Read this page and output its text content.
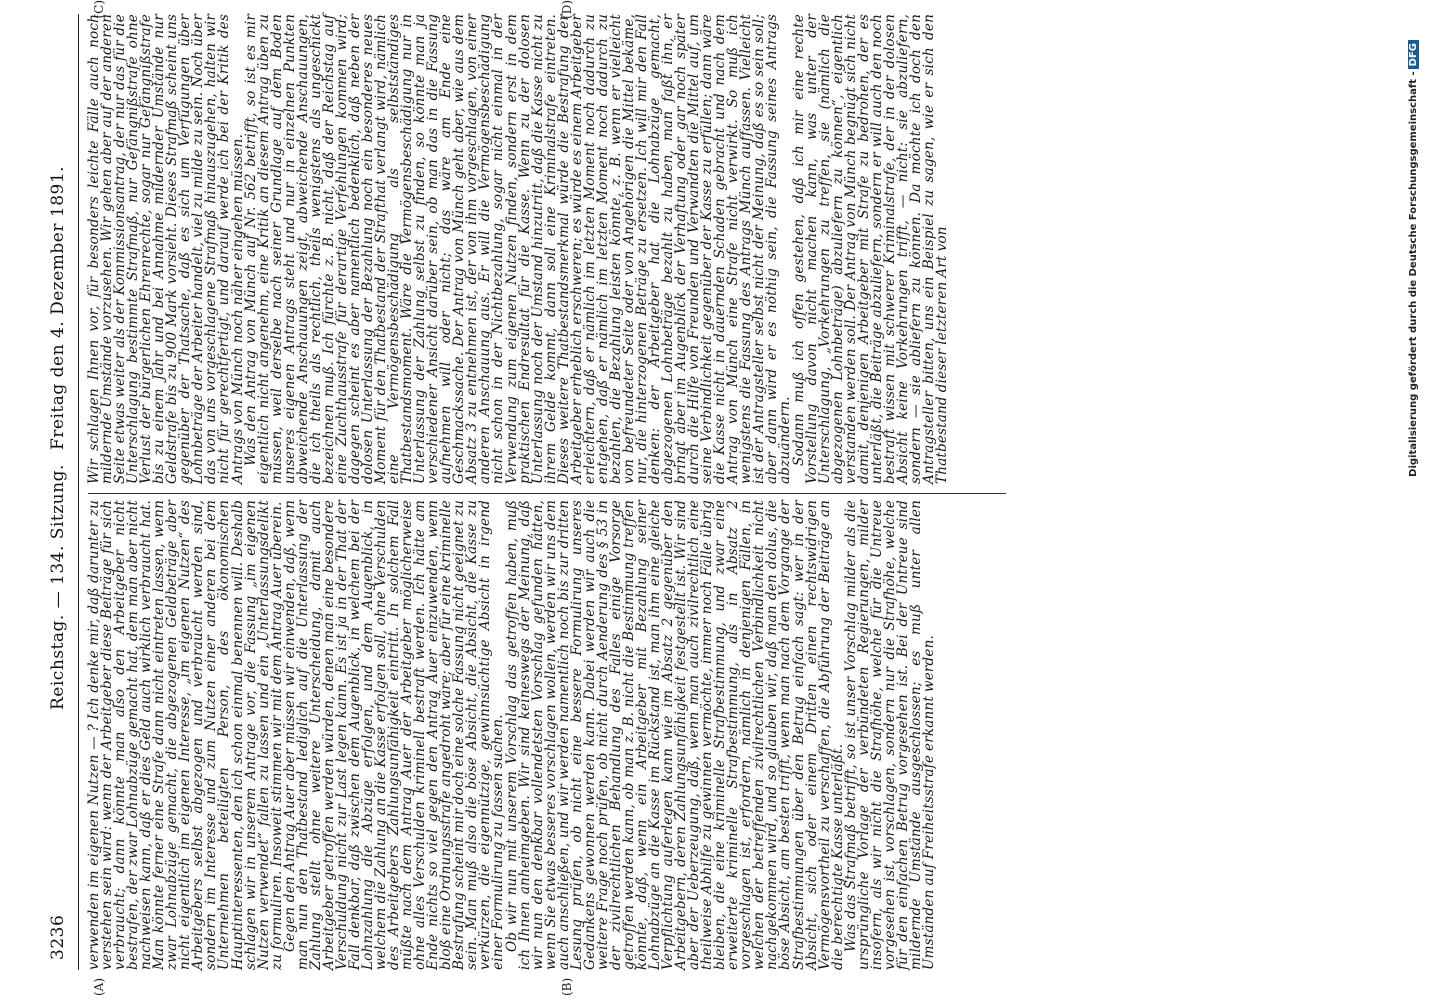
3236
Reichstag. — 134. Sitzung.
Freitag den 4. Dezember 1891.
(A)	(B)
(C)	(D)

verwenden im eigenen Nutzen — ? Ich denke mir, daß darunter zu verstehen sein wird: wenn der Arbeitgeber diese Beiträge für sich verbraucht; dann könnte man also den Arbeitgeber nicht bestrafen, der zwar Lohnabzüge gemacht hat, dem man aber nicht nachweisen kann, daß er dies Geld auch wirklich verbraucht hat. Man könnte ferner eine Strafe dann nicht eintreten lassen, wenn zwar Lohnabzüge gemacht, die abgezogenen Geldbeträge aber nicht eigentlich im eigenen Interesse, „im eigenen Nutzen“ des Arbeitgebers selbst abgezogen und verbraucht werden sind, sondern im Interesse und zum Nutzen einer anderen bei dem Unternehmen beteiligten Person, des ökonomischen Hauptinteressenten, den ich schon einmal benennen will. Deshalb schlagen wir in unserem Antrage vor, die Fassung „im eigenen Nutzen verwendet“ fallen zu lassen und ein „Unterlassungsdelikt zu formuliren. Insoweit stimmen wir mit dem Antrag Auer überein.

Gegen den Antrag Auer aber müssen wir einwenden, daß, wenn man nun den Thatbestand lediglich auf die Unterlassung der Zahlung stellt ohne weitere Unterscheidung, damit auch Arbeitgeber getroffen werden würden, denen man eine besondere Verschuldung nicht zur Last legen kann. Es ist ja in der That der Fall denkbar, daß zwischen dem Augenblick, in welchem bei der Lohnzahlung die Abzüge erfolgen, und dem Augenblick, in welchem die Zahlung an die Kasse erfolgen soll, ohne Verschulden des Arbeitgebers Zahlungsunfähigkeit eintritt. In solchem Fall müßte nach dem Antrag Auer der Arbeitgeber möglicherweise ohne alles Verschulden kriminell bestraft werden. Ich hätte am Ende nichts so viel gegen den Antrag Auer einzuwenden, wenn bloß eine Ordnungsstrafe angedroht wäre; aber für eine kriminelle Bestrafung scheint mir doch eine solche Fassung nicht geeignet zu sein. Man muß also die böse Absicht, die Absicht, die Kasse zu verkürzen, die eigennützige, gewinnsüchtige Absicht in irgend einer Formulirung zu fassen suchen.

Ob wir nun mit unserem Vorschlag das getroffen haben, muß ich Ihnen anheimgeben. Wir sind keineswegs der Meinung, daß wir nun den denkbar vollendetsten Vorschlag gefunden hätten, wenn Sie etwas besseres vorschlagen wollen, werden wir uns dem auch anschließen, und wir werden namentlich noch bis zur dritten Lesung prüfen, ob nicht eine bessere Formulirung unseres Gedankens gewonnen werden kann. Dabei werden wir auch die weitere Frage noch prüfen, ob nicht durch Aenderung des § 53 in der zivilrechtlichen Behandlung des Falles einige Vorsorge getroffen werden kann, ob man z. B. nicht die Bestimmung treffen könnte, daß, wenn ein Arbeitgeber mit Bezahlung seiner Lohnabzüge an die Kasse im Rückstand ist, man ihm eine gleiche Verpflichtung auferlegen kann wie im Absatz 2 gegenüber den Arbeitgebern, deren Zahlungsunfähigkeit festgestellt ist. Wir sind aber der Ueberzeugung, daß, wenn man auch zivilrechtlich eine theilweise Abhilfe zu gewinnen vermöchte, immer noch Fälle übrig bleiben, die eine kriminelle Strafbestimmung, und zwar eine erweiterte kriminelle Strafbestimmung, als in Absatz 2 vorgeschlagen ist, erfordern, nämlich in denjenigen Fällen, in welchen der betreffenden zivilrechtlichen Verbindlichkeit nicht nachgekommen wird, und so glauben wir, daß man den dolus, die böse Absicht, am besten trifft, wenn man nach dem Vorgange der Strafbestimmungen über den Betrug einfach sagt: wer in der Absicht, sich oder einem Dritten einen rechtswidrigen Vermögensvortheil zu verschaffen, die Abführung der Beiträge an die berechtigte Kasse unterläßt.

Was das Strafmaß betrifft, so ist unser Vorschlag milder als die ursprüngliche Vorlage der verbündeten Regierungen, milder insofern, als wir nicht die Strafhöhe, welche für die Untreue vorgesehen ist, vorschlagen, sondern nur die Strafhöhe, welche für den einfachen Betrug vorgesehen ist. Bei der Untreue sind mildernde Umstände ausgeschlossen; es muß unter allen Umständen auf Freiheitsstrafe erkannt werden.

Wir schlagen Ihnen vor, für besonders leichte Fälle auch noch mildernde Umstände vorzusehen. Wir gehen aber auf der anderen Seite etwas weiter als der Kommissionsantrag, der nur das für die Unterschlagung bestimmte Strafmaß, nur Gefängnißstrafe ohne Verlust der bürgerlichen Ehrenrechte, sogar nur Gefängnißstrafe bis zu einem Jahr und bei Annahme mildernder Umstände nur Geldstrafe bis zu 900 Mark vorsieht. Dieses Strafmaß scheint uns gegenüber der Thatsache, daß es sich um Verfügungen über Lohnbeträge der Arbeiter handelt, viel zu milde zu sein. Noch über das von uns vorgeschlagene Strafmaß hinauszugehen, halten wir nicht für gerechtfertigt, und darauf werde ich bei der Kritik des Antrags von Münch noch näher eingehen müssen.

Was den Antrag von Münch auf Nr. 562 betrifft, so ist es mir eigentlich nicht angenehm, eine Kritik an diesem Antrag üben zu müssen, weil derselbe nach seiner Grundlage auf dem Boden unseres eigenen Antrags steht und nur in einzelnen Punkten abweichende Anschauungen zeigt, abweichende Anschauungen, die ich theils als rechtlich, theils wenigstens als ungeschickt bezeichnen muß. Ich fürchte z. B. nicht, daß der Reichstag auf eine Zuchthausstrafe für derartige Verfehlungen kommen wird; dagegen scheint es aber namentlich bedenklich, daß neben der dolosen Unterlassung der Bezahlung noch ein besonderes neues Moment für den Thatbestand der Strafthat verlangt wird, nämlich eine Vermögensbeschädigung als selbstständiges Thatbestandsmoment. Wäre die Vermögensbeschädigung nur in Unterlassung der Zahlung selbst zu finden, so könnte man ja verschiedener Ansicht darüber sein, ob man das in die Fassung aufnehmen will oder nicht; das wäre am Ende eine Geschmackssache. Der Antrag von Münch geht aber, wie aus dem Absatz 3 zu entnehmen ist, der von ihm vorgeschlagen, von einer anderen Anschauung aus. Er will die Vermögensbeschädigung nicht schon in der Nichtbezahlung, sogar nicht einmal in der Verwendung zum eigenen Nutzen finden, sondern erst in dem praktischen Endresultat für die Kasse. Wenn zu der dolosen Unterlassung noch der Umstand hinzutritt, daß die Kasse nicht zu ihrem Gelde kommt, dann soll eine Kriminalstrafe eintreten. Dieses weitere Thatbestandsmerkmal würde die Bestrafung der Arbeitgeber erheblich erschweren; es würde es einem Arbeitgeber erleichtern, daß er nämlich im letzten Moment noch dadurch zu entgehen, daß er nämlich im letzten Moment noch dadurch zu bezahlen, die Bezahlung leisten könnte, z. B. wenn er vielleicht von befreundeter Seite oder von Angehörigen die Mittel bekäme, nur, die hinterzogenen Beträge zu ersetzen. Ich will mir den Fall denken: der Arbeitgeber hat die Lohnabzüge gemacht, abgezogenen Lohnbeträge bezahlt zu haben, man faßt ihn, er bringt aber im Augenblick der Verhaftung oder gar noch später durch die Hilfe von Freunden und Verwandten die Mittel auf, um seine Verbindlichkeit gegenüber der Kasse zu erfüllen; dann wäre die Kasse nicht in dauernden Schaden gebracht und nach dem Antrag von Münch eine Strafe nicht verwirkt. So muß ich wenigstens die Fassung des Antrags Münch auffassen. Vielleicht ist der Antragsteller selbst nicht der Meinung, daß es so sein soll; aber dann wird er es nöthig sein, die Fassung seines Antrags abzuändern.

Sodann muß ich offen gestehen, daß ich mir eine rechte Vorstellung davon nicht machen kann, was unter der Unterschlagung, „Vorkehrungen zu treffen, sie (nämlich die abgezogenen Lohnbeträge) abzuliefern zu können“, eigentlich verstanden werden soll. Der Antrag von Münch begnügt sich nicht damit, denjenigen Arbeitgeber mit Strafe zu bedrohen, der es unterläßt, die Beiträge abzuliefern, sondern er will auch den noch bestraft wissen mit schwerer Kriminalstrafe, der in der dolosen Absicht keine Vorkehrungen trifft, — nicht: sie abzuliefern, sondern — sie abliefern zu können. Da möchte ich doch den Antragsteller bitten, uns ein Beispiel zu sagen, wie er sich den Thatbestand dieser letzteren Art von	Digitalisierung gefördert durch die Deutsche Forschungsgemeinschaft -DFG
